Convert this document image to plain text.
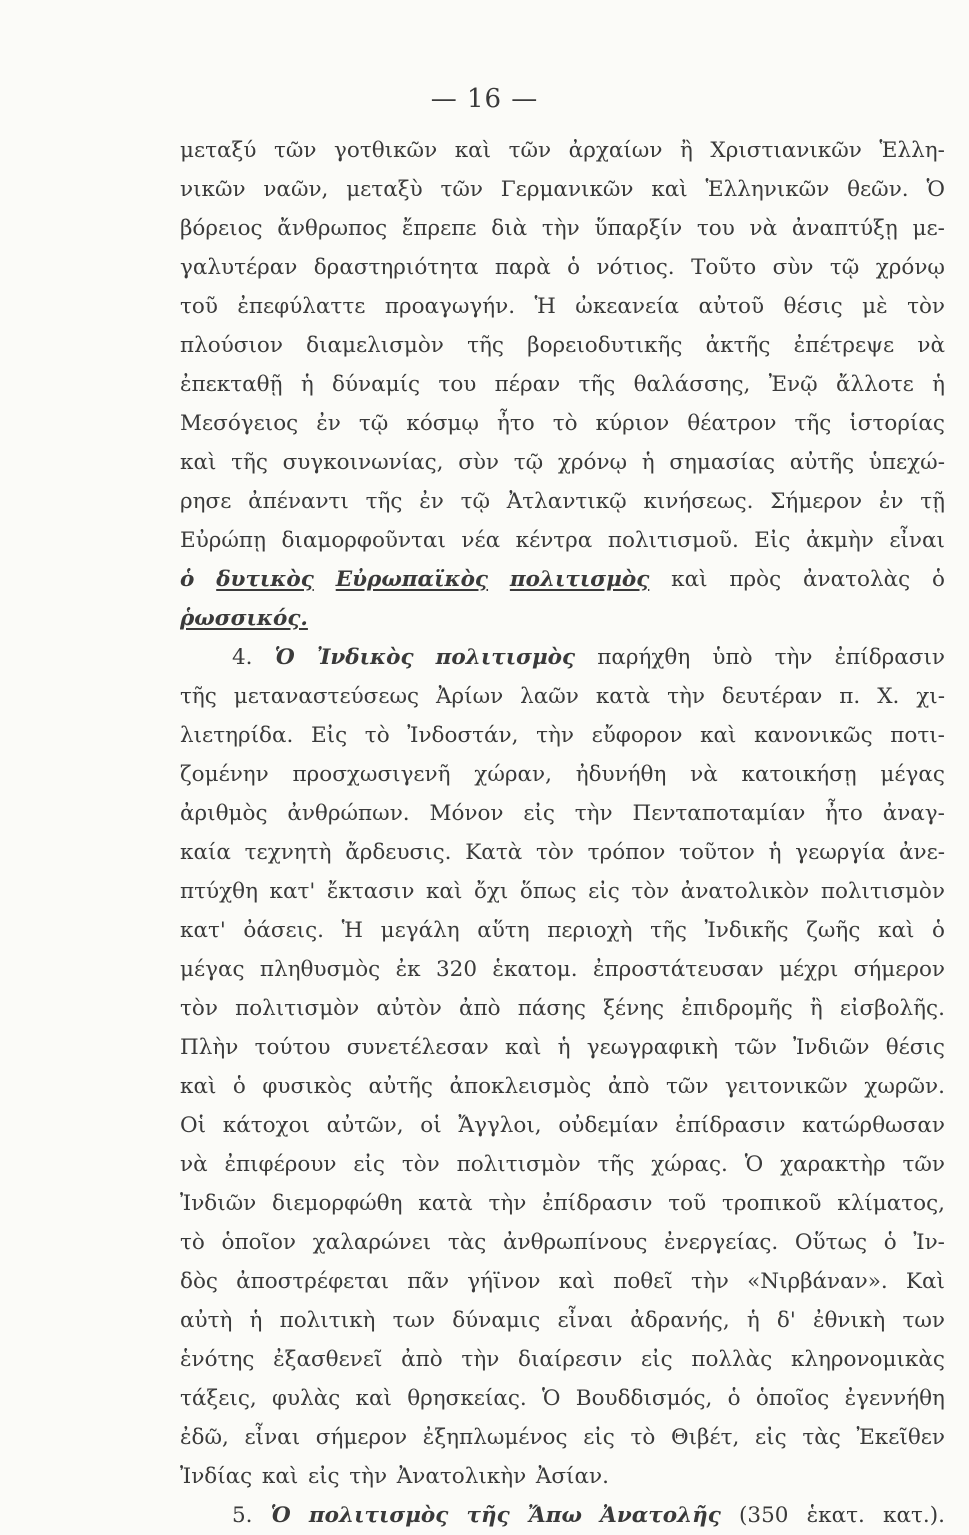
— 16 —
μεταξύ τῶν γοτθικῶν καὶ τῶν ἀρχαίων ἢ Χριστιανικῶν Ἑλλη-
νικῶν ναῶν, μεταξὺ τῶν Γερμανικῶν καὶ Ἑλληνικῶν θεῶν. Ὁ
βόρειος ἄνθρωπος ἔπρεπε διὰ τὴν ὕπαρξίν του νὰ ἀναπτύξῃ με-
γαλυτέραν δραστηριότητα παρὰ ὁ νότιος. Τοῦτο σὺν τῷ χρόνῳ
τοῦ ἐπεφύλαττε προαγωγήν. Ἡ ὠκεανεία αὐτοῦ θέσις μὲ τὸν
πλούσιον διαμελισμὸν τῆς βορειοδυτικῆς ἀκτῆς ἐπέτρεψε νὰ
ἐπεκταθῇ ἡ δύναμίς του πέραν τῆς θαλάσσης, Ἐνῷ ἄλλοτε ἡ
Μεσόγειος ἐν τῷ κόσμῳ ἦτο τὸ κύριον θέατρον τῆς ἱστορίας
καὶ τῆς συγκοινωνίας, σὺν τῷ χρόνῳ ἡ σημασίας αὐτῆς ὑπεχώ-
ρησε ἀπέναντι τῆς ἐν τῷ Ἀτλαντικῷ κινήσεως. Σήμερον ἐν τῇ
Εὐρώπῃ διαμορφοῦνται νέα κέντρα πολιτισμοῦ. Εἰς ἀκμὴν εἶναι
ὁ δυτικὸς Εὐρωπαϊκὸς πολιτισμὸς καὶ πρὸς ἀνατολὰς ὁ
ῥωσσικός.
4. Ὁ Ἰνδικὸς πολιτισμὸς παρήχθη ὑπὸ τὴν ἐπίδρασιν
τῆς μεταναστεύσεως Ἀρίων λαῶν κατὰ τὴν δευτέραν π. Χ. χι-
λιετηρίδα. Εἰς τὸ Ἰνδοστάν, τὴν εὔφορον καὶ κανονικῶς ποτι-
ζομένην προσχωσιγενῆ χώραν, ἠδυνήθη νὰ κατοικήσῃ μέγας
ἀριθμὸς ἀνθρώπων. Μόνον εἰς τὴν Πενταποταμίαν ἦτο ἀναγ-
καία τεχνητὴ ἄρδευσις. Κατὰ τὸν τρόπον τοῦτον ἡ γεωργία ἀνε-
πτύχθη κατ' ἔκτασιν καὶ ὄχι ὅπως εἰς τὸν ἀνατολικὸν πολιτισμὸν
κατ' ὀάσεις. Ἡ μεγάλη αὕτη περιοχὴ τῆς Ἰνδικῆς ζωῆς καὶ ὁ
μέγας πληθυσμὸς ἐκ 320 ἑκατομ. ἐπροστάτευσαν μέχρι σήμερον
τὸν πολιτισμὸν αὐτὸν ἀπὸ πάσης ξένης ἐπιδρομῆς ἢ εἰσβολῆς.
Πλὴν τούτου συνετέλεσαν καὶ ἡ γεωγραφικὴ τῶν Ἰνδιῶν θέσις
καὶ ὁ φυσικὸς αὐτῆς ἀποκλεισμὸς ἀπὸ τῶν γειτονικῶν χωρῶν.
Οἱ κάτοχοι αὐτῶν, οἱ Ἄγγλοι, οὐδεμίαν ἐπίδρασιν κατώρθωσαν
νὰ ἐπιφέρουν εἰς τὸν πολιτισμὸν τῆς χώρας. Ὁ χαρακτὴρ τῶν
Ἰνδιῶν διεμορφώθη κατὰ τὴν ἐπίδρασιν τοῦ τροπικοῦ κλίματος,
τὸ ὁποῖον χαλαρώνει τὰς ἀνθρωπίνους ἐνεργείας. Οὕτως ὁ Ἰν-
δὸς ἀποστρέφεται πᾶν γήϊνον καὶ ποθεῖ τὴν «Νιρβάναν». Καὶ
αὐτὴ ἡ πολιτικὴ των δύναμις εἶναι ἀδρανής, ἡ δ' ἐθνικὴ των
ἑνότης ἐξασθενεῖ ἀπὸ τὴν διαίρεσιν εἰς πολλὰς κληρονομικὰς
τάξεις, φυλὰς καὶ θρησκείας. Ὁ Βουδδισμός, ὁ ὁποῖος ἐγεννήθη
ἐδῶ, εἶναι σήμερον ἐξηπλωμένος εἰς τὸ Θιβέτ, εἰς τὰς Ἐκεῖθεν
Ἰνδίας καὶ εἰς τὴν Ἀνατολικὴν Ἀσίαν.
5. Ὁ πολιτισμὸς τῆς Ἄπω Ἀνατολῆς (350 ἑκατ. κατ.).
